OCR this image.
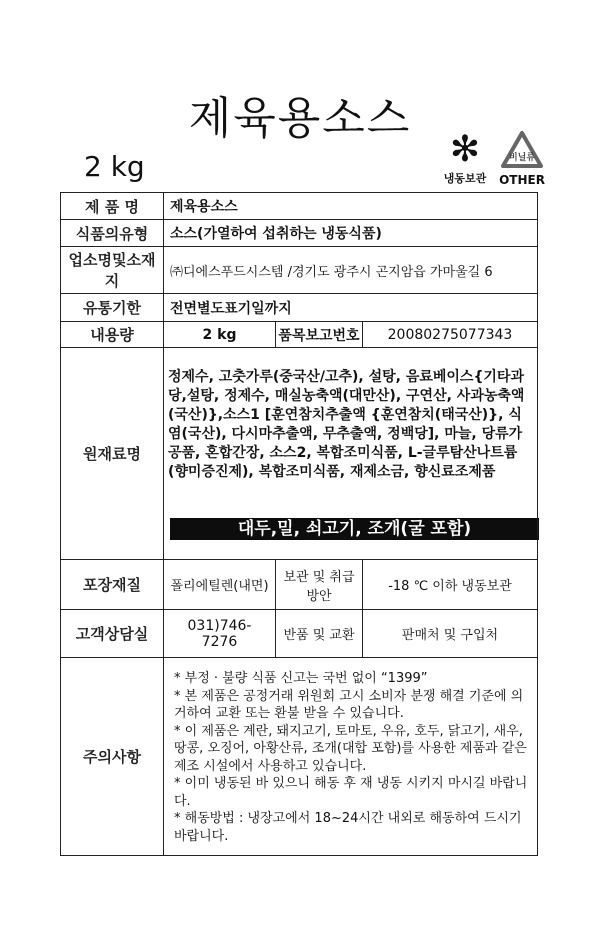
제육용소스
2 kg	✻
냉동보관
비닐류
OTHER
제 품 명	제육용소스		
식품의유형	소스(가열하여 섭취하는 냉동식품)		
업소명및소재지	㈜디에스푸드시스템 /경기도 광주시 곤지암읍 가마울길 6		
유통기한	전면별도표기일까지		
내용량	2 kg	품목보고번호	20080275077343
원재료명	정제수, 고춧가루(중국산/고추), 설탕, 음료베이스{기타과당,설탕, 정제수, 매실농축액(대만산), 구연산, 사과농축액(국산)},소스1 [훈연참치추출액 {훈연참치(태국산)}, 식염(국산), 다시마추출액, 무추출액, 정백당], 마늘, 당류가공품, 혼합간장, 소스2, 복합조미식품, L-글루탐산나트륨(향미증진제), 복합조미식품, 재제소금, 향신료조제품
대두,밀, 쇠고기, 조개(굴 포함)		

포장재질	폴리에틸렌(내면)	보관 및 취급방안	-18 ℃ 이하 냉동보관
고객상담실	031)746-7276	반품 및 교환	판매처 및 구입처
주의사항	* 부정 · 불량 식품 신고는 국번 없이 “1399”

* 본 제품은 공정거래 위원회 고시 소비자 분쟁 해결 기준에 의거하여 교환 또는 환불 받을 수 있습니다.

* 이 제품은 계란, 돼지고기, 토마토, 우유, 호두, 닭고기, 새우, 땅콩, 오징어, 아황산류, 조개(대합 포함)를 사용한 제품과 같은 제조 시설에서 사용하고 있습니다.

* 이미 냉동된 바 있으니 해동 후 재 냉동 시키지 마시길 바랍니다.

* 해동방법 : 냉장고에서 18~24시간 내외로 해동하여 드시기 바랍니다.		
